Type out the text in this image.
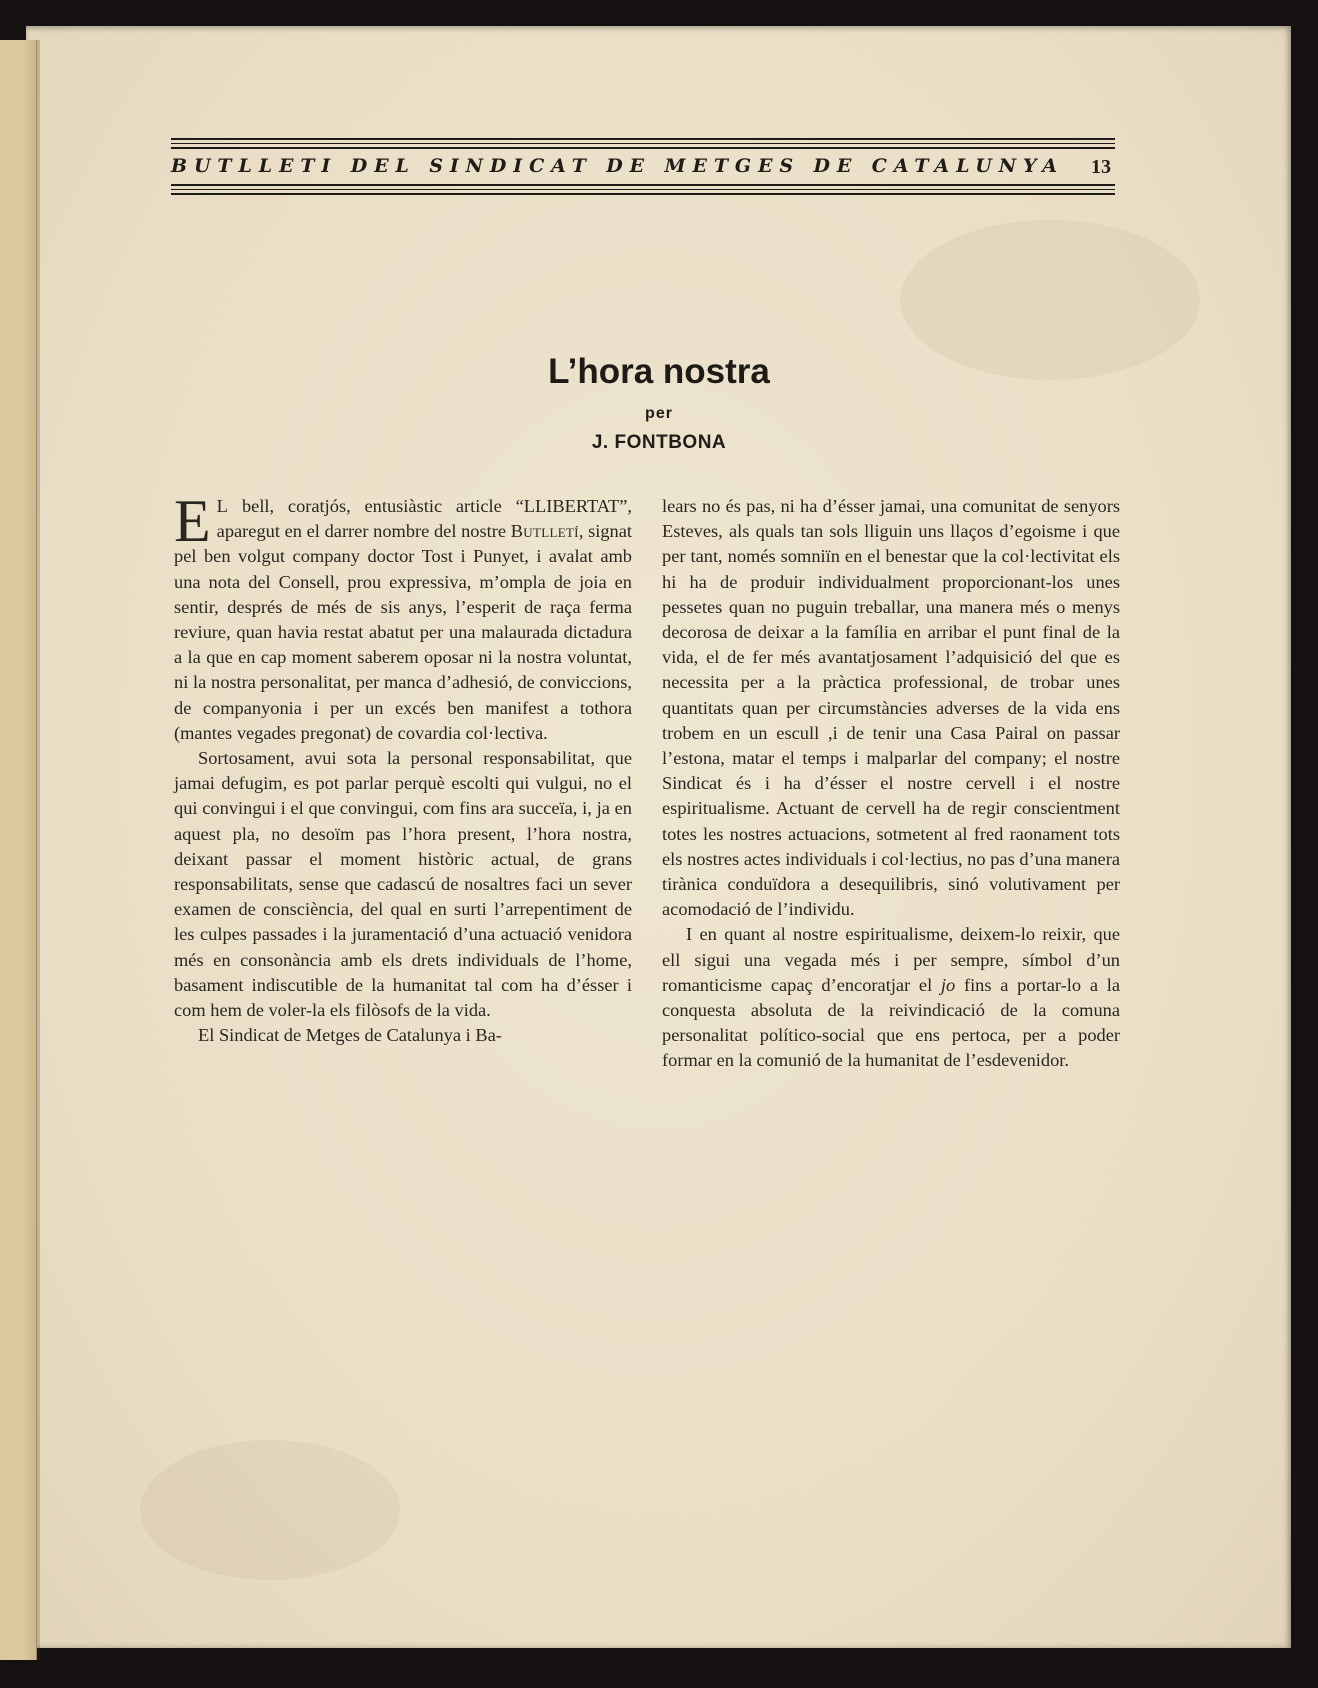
BUTLLETI DEL SINDICAT DE METGES DE CATALUNYA 13
L’hora nostra
per
J. FONTBONA

E L bell, coratjós, entusiàstic article “LLIBERTAT”, aparegut en el darrer nombre del nostre Butlletí, signat pel ben volgut company doctor Tost i Punyet, i avalat amb una nota del Consell, prou expressiva, m’ompla de joia en sentir, després de més de sis anys, l’esperit de raça ferma reviure, quan havia restat abatut per una malaurada dictadura a la que en cap moment saberem oposar ni la nostra voluntat, ni la nostra personalitat, per manca d’adhesió, de conviccions, de companyonia i per un excés ben manifest a tothora (mantes vegades pregonat) de covardia col·lectiva.

Sortosament, avui sota la personal responsabilitat, que jamai defugim, es pot parlar perquè escolti qui vulgui, no el qui convingui i el que convingui, com fins ara succeïa, i, ja en aquest pla, no desoïm pas l’hora present, l’hora nostra, deixant passar el moment històric actual, de grans responsabilitats, sense que cadascú de nosaltres faci un sever examen de consciència, del qual en surti l’arrepentiment de les culpes passades i la juramentació d’una actuació venidora més en consonància amb els drets individuals de l’home, basament indiscutible de la humanitat tal com ha d’ésser i com hem de voler-la els filòsofs de la vida.

El Sindicat de Metges de Catalunya i Ba-

lears no és pas, ni ha d’ésser jamai, una comunitat de senyors Esteves, als quals tan sols lliguin uns llaços d’egoisme i que per tant, només somniïn en el benestar que la col·lectivitat els hi ha de produir individualment proporcionant-los unes pessetes quan no puguin treballar, una manera més o menys decorosa de deixar a la família en arribar el punt final de la vida, el de fer més avantatjosament l’adquisició del que es necessita per a la pràctica professional, de trobar unes quantitats quan per circumstàncies adverses de la vida ens trobem en un escull ,i de tenir una Casa Pairal on passar l’estona, matar el temps i malparlar del company; el nostre Sindicat és i ha d’ésser el nostre cervell i el nostre espiritualisme. Actuant de cervell ha de regir conscientment totes les nostres actuacions, sotmetent al fred raonament tots els nostres actes individuals i col·lectius, no pas d’una manera tirànica conduïdora a desequilibris, sinó volutivament per acomodació de l’individu.

I en quant al nostre espiritualisme, deixem-lo reixir, que ell sigui una vegada més i per sempre, símbol d’un romanticisme capaç d’encoratjar el jo fins a portar-lo a la conquesta absoluta de la reivindicació de la comuna personalitat político-social que ens pertoca, per a poder formar en la comunió de la humanitat de l’esdevenidor.
